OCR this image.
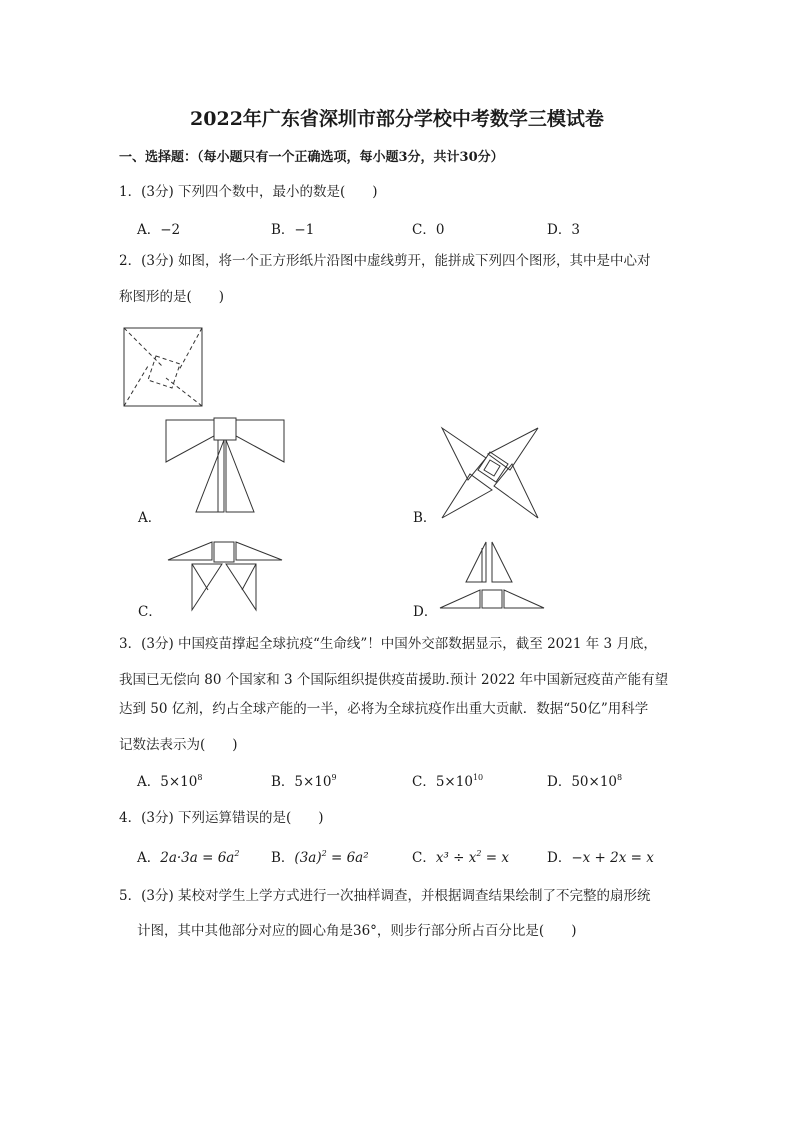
2022年广东省深圳市部分学校中考数学三模试卷
一、选择题：（每小题只有一个正确选项，每小题3分，共计30分）
1．(3分) 下列四个数中，最小的数是(　　)
A．−2	B．−1	C．0	D．3
2．(3分) 如图，将一个正方形纸片沿图中虚线剪开，能拼成下列四个图形，其中是中心对
称图形的是(　　)
A．	B．
C．	D．
3．(3分) 中国疫苗撑起全球抗疫“生命线”！中国外交部数据显示，截至 2021 年 3 月底，
我国已无偿向 80 个国家和 3 个国际组织提供疫苗援助.预计 2022 年中国新冠疫苗产能有望
达到 50 亿剂，约占全球产能的一半，必将为全球抗疫作出重大贡献．数据“50亿”用科学
记数法表示为(　　)
A．$5\times 10^8$	B．$5\times 10^9$	C．$5\times 10^{10}$	D．$50\times 10^8$
4．(3分) 下列运算错误的是(　　)
A．$2a\cdot 3a = 6a^2$ B．$(3a)^2 = 6a^2$	C．$x^3 \div x^2 = x$	D．−x + 2x = x
5．(3分) 某校对学生上学方式进行一次抽样调查，并根据调查结果绘制了不完整的扇形统
计图，其中其他部分对应的圆心角是36°，则步行部分所占百分比是(　　)
